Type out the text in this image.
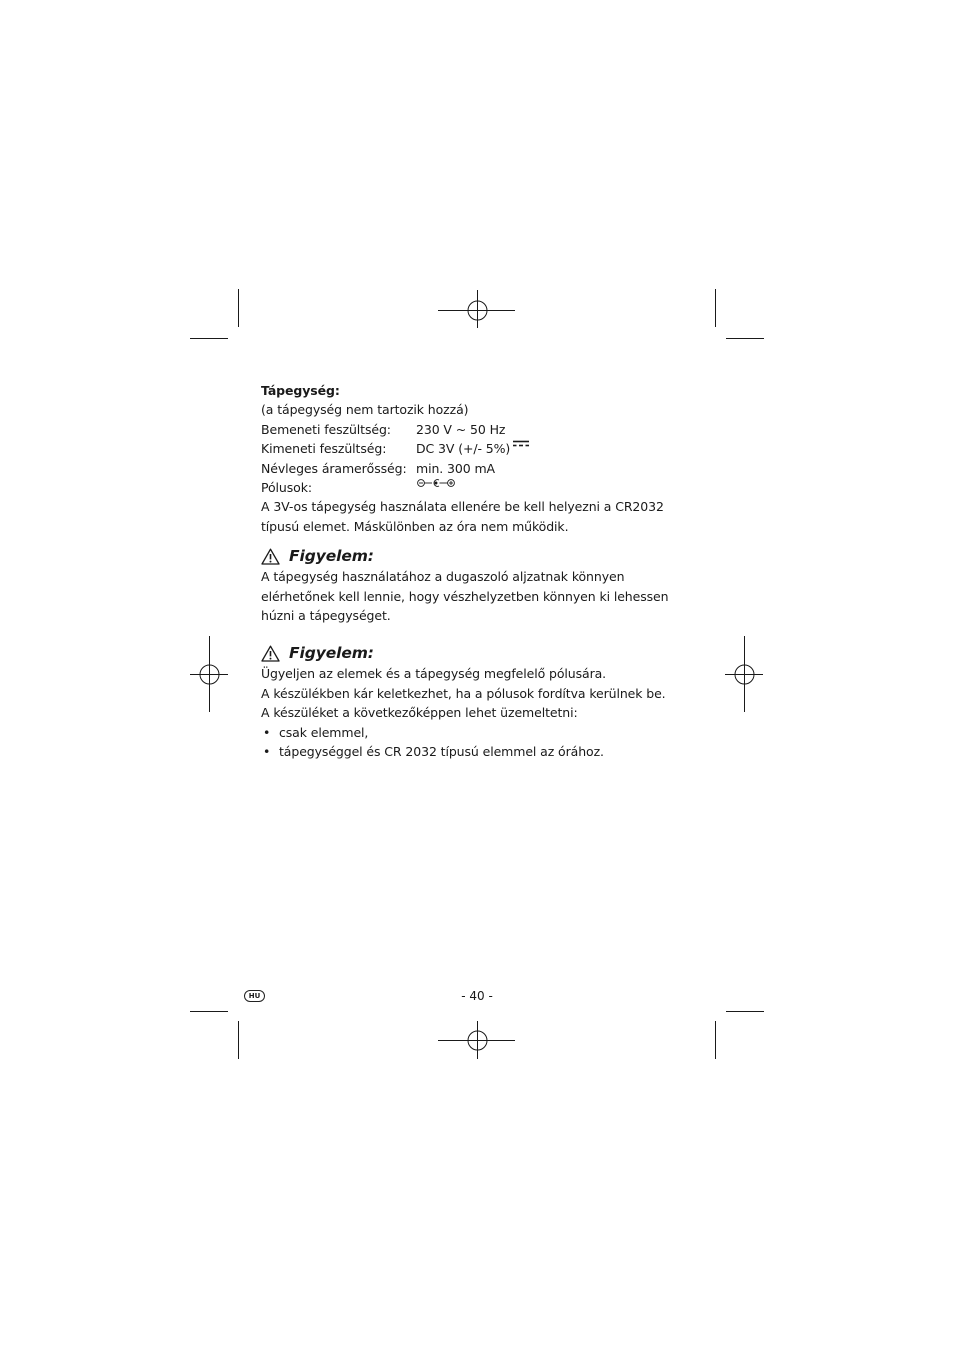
Tápegység:

(a tápegység nem tartozik hozzá)

Bemeneti feszültség:	230 V ~ 50 Hz
Kimeneti feszültség:	DC 3V (+/- 5%)
Névleges áramerősség: min. 300 mA
Pólusok:

A 3V-os tápegység használata ellenére be kell helyezni a CR2032 típusú elemet. Máskülönben az óra nem működik.

Figyelem:

A tápegység használatához a dugaszoló aljzatnak könnyen elérhetőnek kell lennie, hogy vészhelyzetben könnyen ki lehessen húzni a tápegységet.

Figyelem:

Ügyeljen az elemek és a tápegység megfelelő pólusára.

A készülékben kár keletkezhet, ha a pólusok fordítva kerülnek be.

A készüléket a következőképpen lehet üzemeltetni:

• csak elemmel,
• tápegységgel és CR 2032 típusú elemmel az órához.
HU	- 40 -
